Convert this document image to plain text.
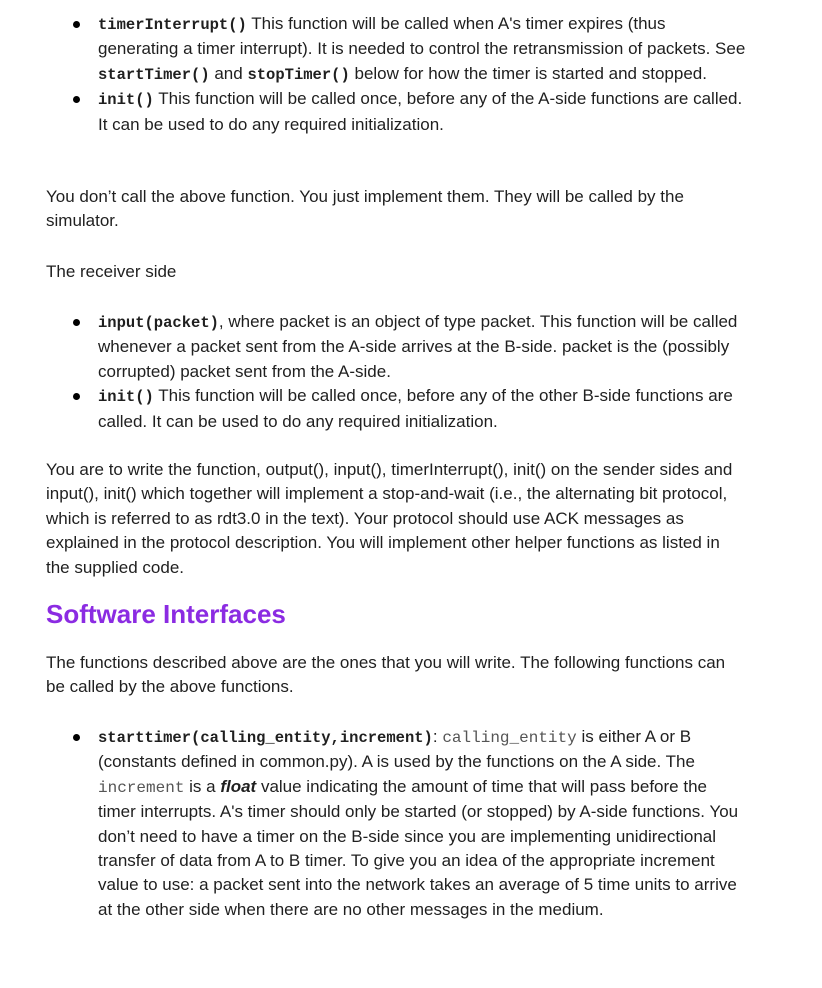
timerInterrupt() This function will be called when A's timer expires (thus generating a timer interrupt). It is needed to control the retransmission of packets. See startTimer() and stopTimer() below for how the timer is started and stopped.
init() This function will be called once, before any of the A-side functions are called. It can be used to do any required initialization.

You don’t call the above function. You just implement them. They will be called by the simulator.

The receiver side

input(packet), where packet is an object of type packet. This function will be called whenever a packet sent from the A-side arrives at the B-side. packet is the (possibly corrupted) packet sent from the A-side.
init() This function will be called once, before any of the other B-side functions are called. It can be used to do any required initialization.

You are to write the function, output(), input(), timerInterrupt(), init() on the sender sides and input(), init() which together will implement a stop-and-wait (i.e., the alternating bit protocol, which is referred to as rdt3.0 in the text). Your protocol should use ACK messages as explained in the protocol description. You will implement other helper functions as listed in the supplied code.

Software Interfaces

The functions described above are the ones that you will write. The following functions can be called by the above functions.

starttimer(calling_entity,increment): calling_entity is either A or B (constants defined in common.py). A is used by the functions on the A side. The increment is a float value indicating the amount of time that will pass before the timer interrupts. A's timer should only be started (or stopped) by A-side functions. You don’t need to have a timer on the B-side since you are implementing unidirectional transfer of data from A to B timer. To give you an idea of the appropriate increment value to use: a packet sent into the network takes an average of 5 time units to arrive at the other side when there are no other messages in the medium.
